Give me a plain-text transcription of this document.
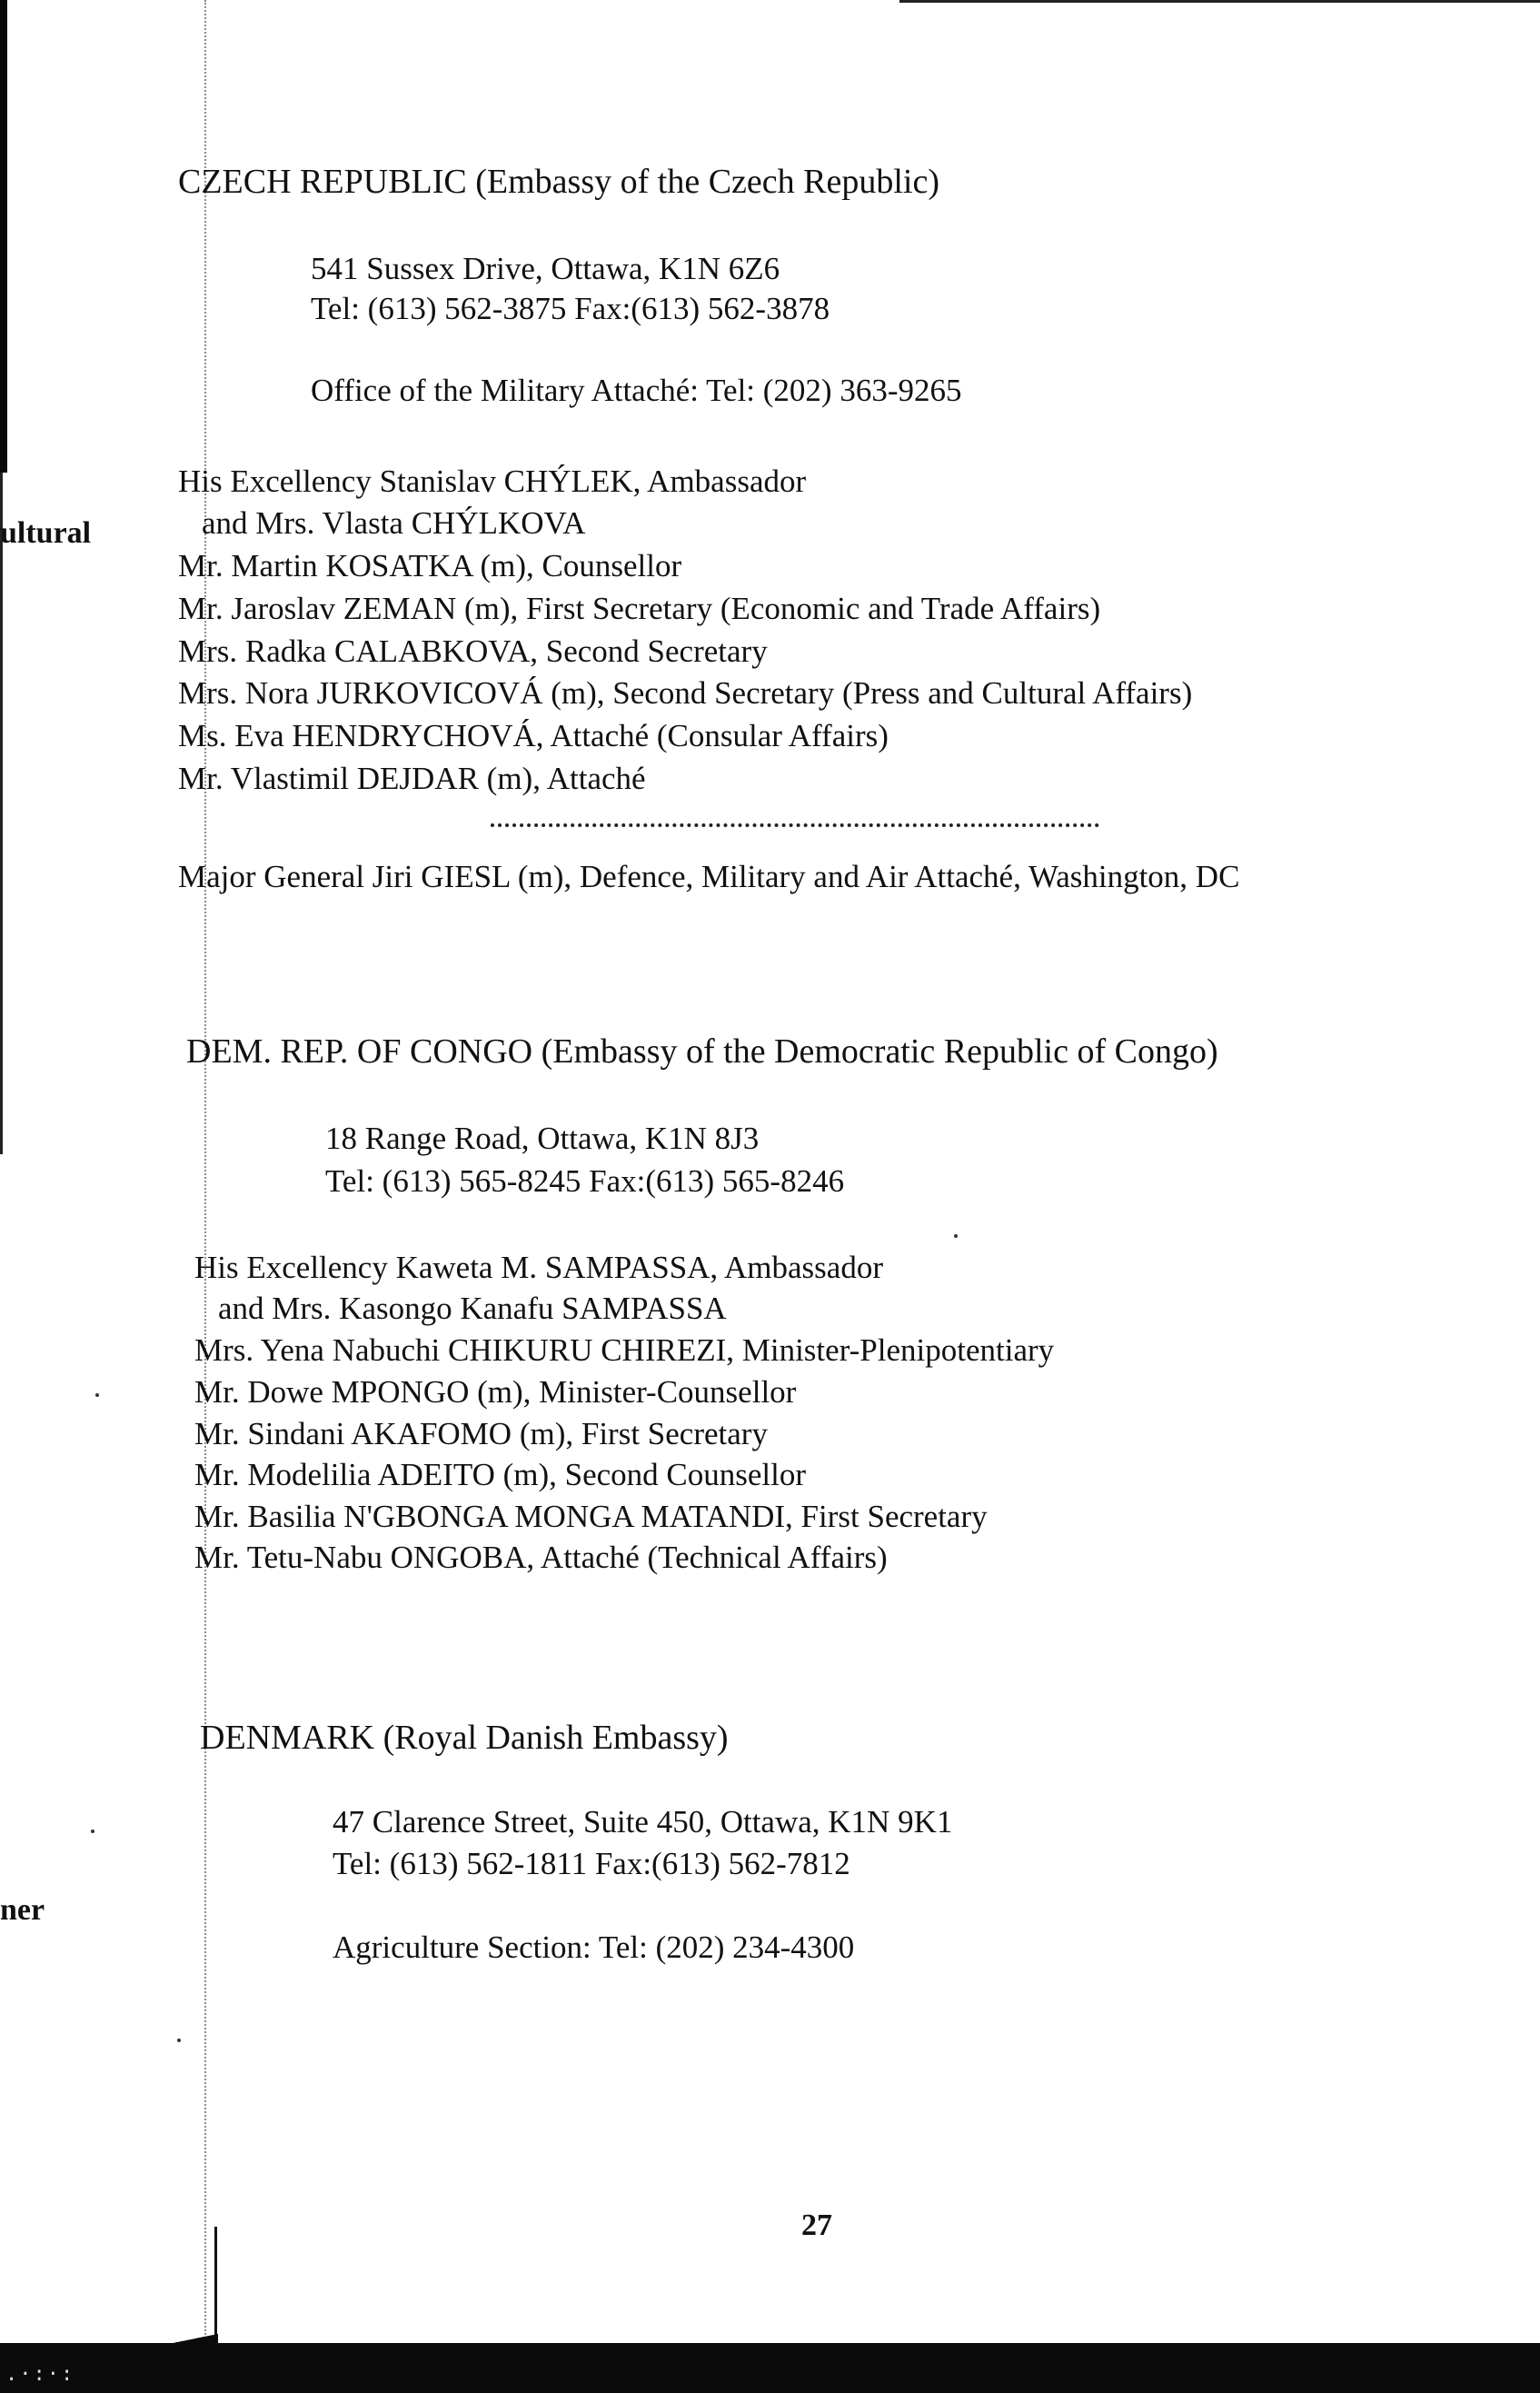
.·:·:
ultural
ner
CZECH REPUBLIC (Embassy of the Czech Republic)
541 Sussex Drive, Ottawa, K1N 6Z6
Tel: (613) 562-3875 Fax:(613) 562-3878
Office of the Military Attaché: Tel: (202) 363-9265
His Excellency Stanislav CHÝLEK, Ambassador
and Mrs. Vlasta CHÝLKOVA
Mr. Martin KOSATKA (m), Counsellor
Mr. Jaroslav ZEMAN (m), First Secretary (Economic and Trade Affairs)
Mrs. Radka CALABKOVA, Second Secretary
Mrs. Nora JURKOVICOVÁ (m), Second Secretary (Press and Cultural Affairs)
Ms. Eva HENDRYCHOVÁ, Attaché (Consular Affairs)
Mr. Vlastimil DEJDAR (m), Attaché
Major General Jiri GIESL (m), Defence, Military and Air Attaché, Washington, DC
DEM. REP. OF CONGO (Embassy of the Democratic Republic of Congo)
18 Range Road, Ottawa, K1N 8J3
Tel: (613) 565-8245 Fax:(613) 565-8246
His Excellency Kaweta M. SAMPASSA, Ambassador
and Mrs. Kasongo Kanafu SAMPASSA
Mrs. Yena Nabuchi CHIKURU CHIREZI, Minister-Plenipotentiary
Mr. Dowe MPONGO (m), Minister-Counsellor
Mr. Sindani AKAFOMO (m), First Secretary
Mr. Modelilia ADEITO (m), Second Counsellor
Mr. Basilia N'GBONGA MONGA MATANDI, First Secretary
Mr. Tetu-Nabu ONGOBA, Attaché (Technical Affairs)
DENMARK (Royal Danish Embassy)
47 Clarence Street, Suite 450, Ottawa, K1N 9K1
Tel: (613) 562-1811 Fax:(613) 562-7812
Agriculture Section: Tel: (202) 234-4300
27
